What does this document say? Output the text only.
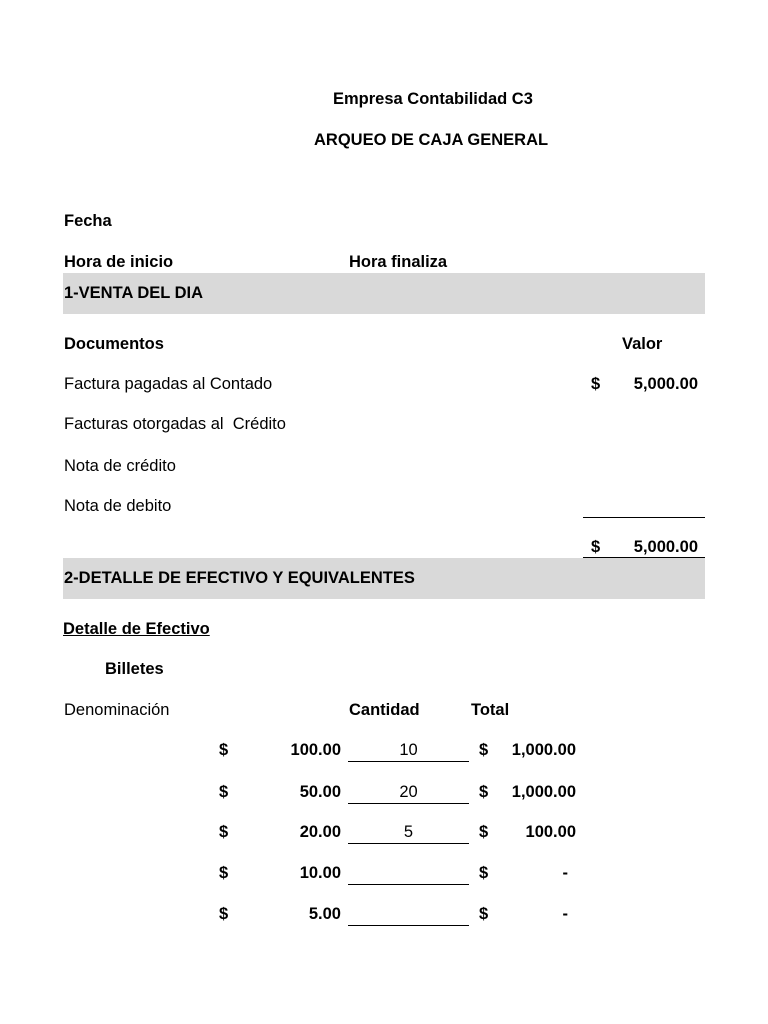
Empresa Contabilidad C3
ARQUEO DE CAJA GENERAL
Fecha
Hora de inicio	Hora finaliza
1-VENTA DEL DIA
Documentos	Valor
Factura pagadas al Contado	$	5,000.00
Facturas otorgadas al  Crédito
Nota de crédito
Nota de debito
$	5,000.00
2-DETALLE DE EFECTIVO Y EQUIVALENTES
Detalle de Efectivo
Billetes
Denominación	Cantidad	Total
$	100.00	10	$	1,000.00
$	50.00	20	$	1,000.00
$	20.00	5	$	100.00
$	10.00	$	-
$	5.00	$	-
